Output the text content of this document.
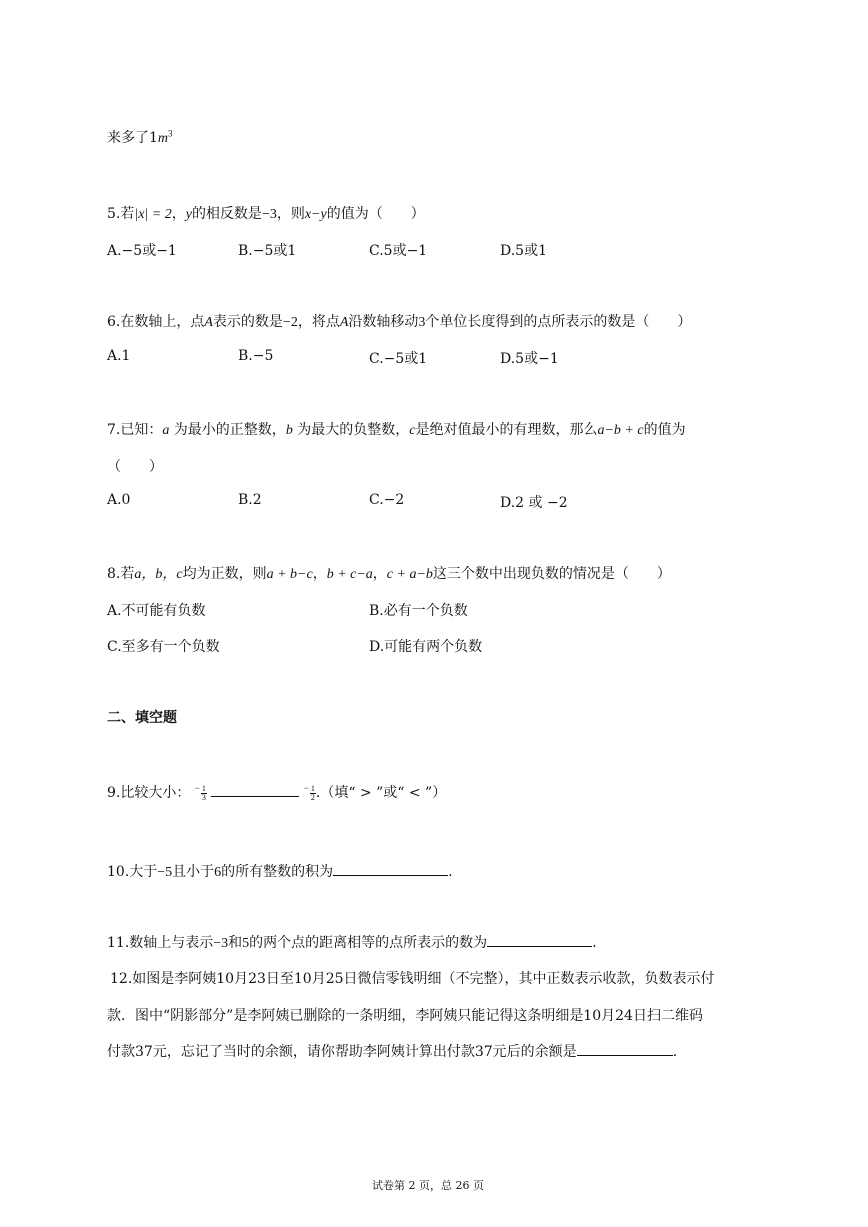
来多了$1m^3$
5.若|x| = 2，y的相反数是−3，则x−y的值为（　　）
A.−5或−1	B.−5或1	C.5或−1	D.5或1
6.在数轴上，点A表示的数是−2，将点A沿数轴移动3个单位长度得到的点所表示的数是（　　）
A.1	B.−5	C.−5或1	D.5或−1
7.已知：a 为最小的正整数，b 为最大的负整数，c是绝对值最小的有理数，那么a−b + c的值为
（　　）
A.0	B.2	C.−2	D.2 或 −2
8.若a，b，c均为正数，则a + b−c，b + c−a，c + a−b这三个数中出现负数的情况是（　　）
A.不可能有负数	B.必有一个负数
C.至多有一个负数	D.可能有两个负数
二、填空题
9.比较大小： $^- \frac{1}{3}$	$^- \frac{1}{2}$ .（填“ > ”或“ < ”）
10.大于−5且小于6的所有整数的积为	.
11.数轴上与表示−3和5的两个点的距离相等的点所表示的数为	.
12.如图是李阿姨10月23日至10月25日微信零钱明细（不完整），其中正数表示收款，负数表示付
款．图中“阴影部分”是李阿姨已删除的一条明细，李阿姨只能记得这条明细是10月24日扫二维码
付款37元，忘记了当时的余额，请你帮助李阿姨计算出付款37元后的余额是	.
试卷第 2 页，总 26 页
